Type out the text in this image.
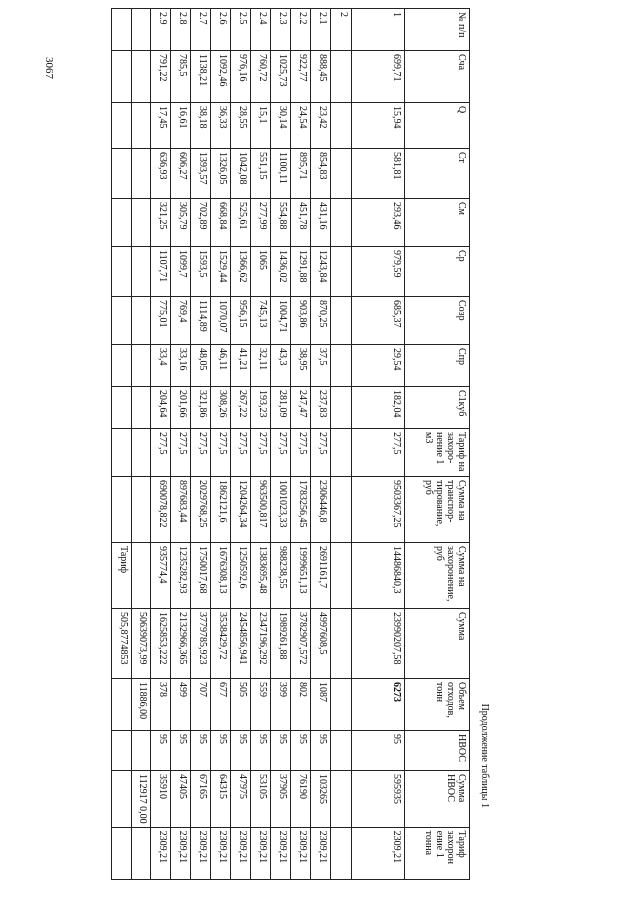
3067
Продолжение таблицы 1
№ п/п	Сча	Q	Ст	См	Ср	Созр	Спр	С1куб	Тариф на захоро-нение 1 м3	Сумма на транспор-тирование, руб	Сумма на захоронение, руб	Сумма	Объем отходов, тонн	НВОС	Сумма НВОС	Тариф захорон ение 1 тонна
1	699,71	15,94	581,81	293,46	979,59	685,37	29,54	182,04	277,5	9503367,25	14486840,3	23990207,58	6273	95	595935	2309,21
2																
2.1	888,45	23,42	854,83	431,16	1243,84	870,25	37,5	237,83	277,5	2306446,8	2691161,7	4997608,5	1087	95	103265	2309,21
2.2	922,77	24,54	895,71	451,78	1291,88	903,86	38,95	247,47	277,5	1783256,45	1999651,13	3782907,572	802	95	76190	2309,21
2.3	1025,73	30,14	1100,11	554,88	1436,02	1004,71	43,3	281,09	277,5	1001023,33	988238,55	1989261,88	399	95	37905	2309,21
2.4	760,72	15,1	551,15	277,99	1065	745,13	32,11	193,23	277,5	963500,817	1383695,48	2347196,292	559	95	53105	2309,21
2.5	976,16	28,55	1042,08	525,61	1366,62	956,15	41,21	267,22	277,5	1204264,34	1250592,6	2454856,941	505	95	47975	2309,21
2.6	1092,46	36,33	1326,05	668,84	1529,44	1070,07	46,11	308,26	277,5	1862121,6	1676308,13	3538429,72	677	95	64315	2309,21
2.7	1138,21	38,18	1393,57	702,89	1593,5	1114,89	48,05	321,86	277,5	2029768,25	1750017,68	3779785,923	707	95	67165	2309,21
2.8	785,5	16,61	606,27	305,79	1099,7	769,4	33,16	201,66	277,5	897683,44	1235282,93	2132966,365	499	95	47405	2309,21
2.9	791,22	17,45	636,93	321,25	1107,71	775,01	33,4	204,64	277,5	690078,822	935774,4	1625853,222	378	95	35910	2309,21
												50639073,99	11886,00		112917 0,00	
											Тариф	505,8774853				
